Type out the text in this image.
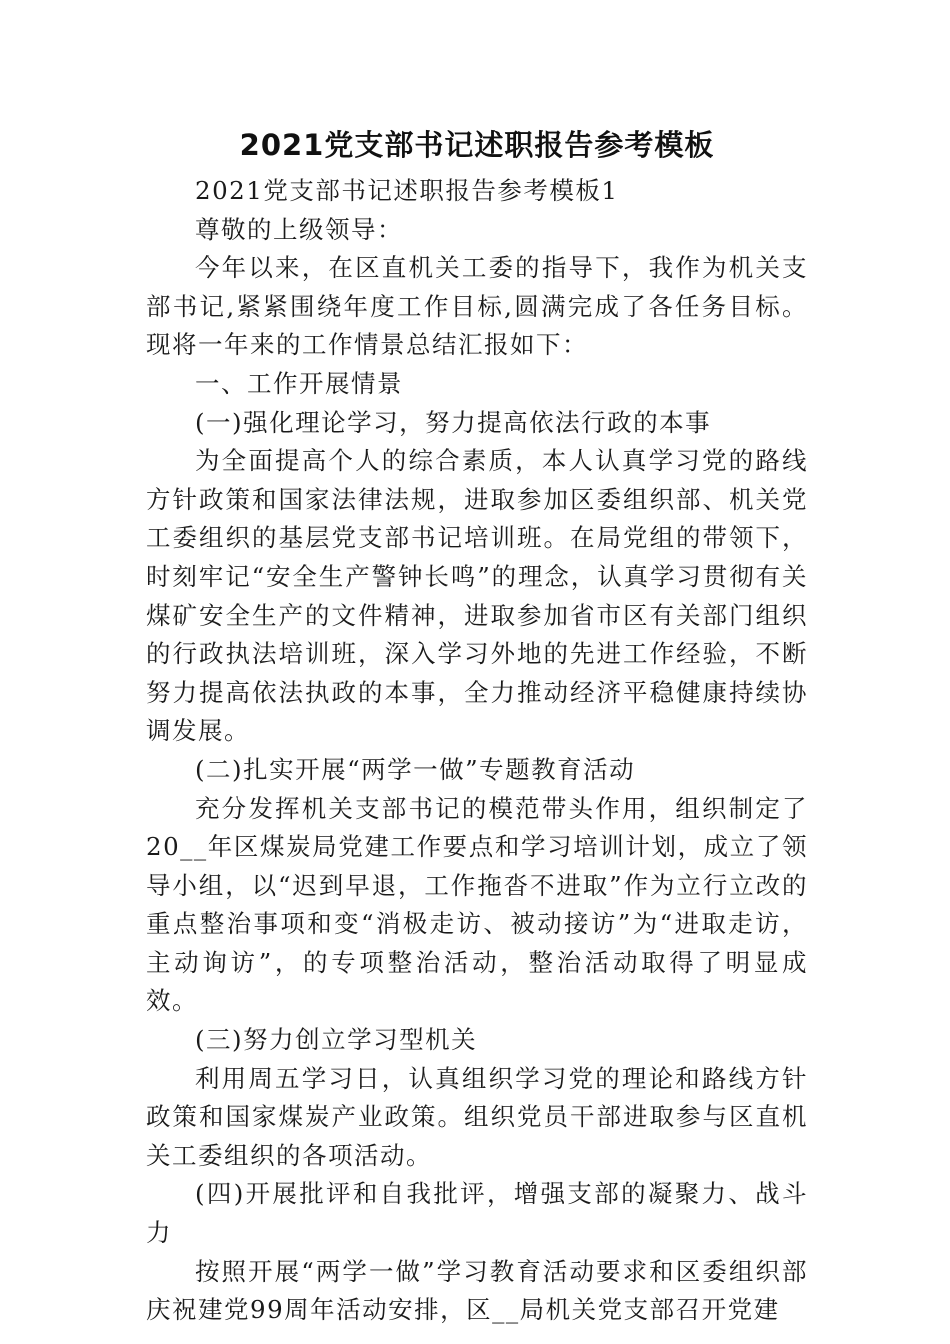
2021党支部书记述职报告参考模板

2021党支部书记述职报告参考模板1

尊敬的上级领导：

今年以来，在区直机关工委的指导下，我作为机关支部书记,紧紧围绕年度工作目标,圆满完成了各任务目标。现将一年来的工作情景总结汇报如下：

一、工作开展情景

(一)强化理论学习，努力提高依法行政的本事

为全面提高个人的综合素质，本人认真学习党的路线方针政策和国家法律法规，进取参加区委组织部、机关党工委组织的基层党支部书记培训班。在局党组的带领下，时刻牢记“安全生产警钟长鸣”的理念，认真学习贯彻有关煤矿安全生产的文件精神，进取参加省市区有关部门组织的行政执法培训班，深入学习外地的先进工作经验，不断努力提高依法执政的本事，全力推动经济平稳健康持续协调发展。

(二)扎实开展“两学一做”专题教育活动

充分发挥机关支部书记的模范带头作用，组织制定了20__年区煤炭局党建工作要点和学习培训计划，成立了领导小组，以“迟到早退，工作拖沓不进取”作为立行立改的重点整治事项和变“消极走访、被动接访”为“进取走访，主动询访”，的专项整治活动，整治活动取得了明显成效。

(三)努力创立学习型机关

利用周五学习日，认真组织学习党的理论和路线方针政策和国家煤炭产业政策。组织党员干部进取参与区直机关工委组织的各项活动。

(四)开展批评和自我批评，增强支部的凝聚力、战斗力

按照开展“两学一做”学习教育活动要求和区委组织部庆祝建党99周年活动安排，区__局机关党支部召开党建
